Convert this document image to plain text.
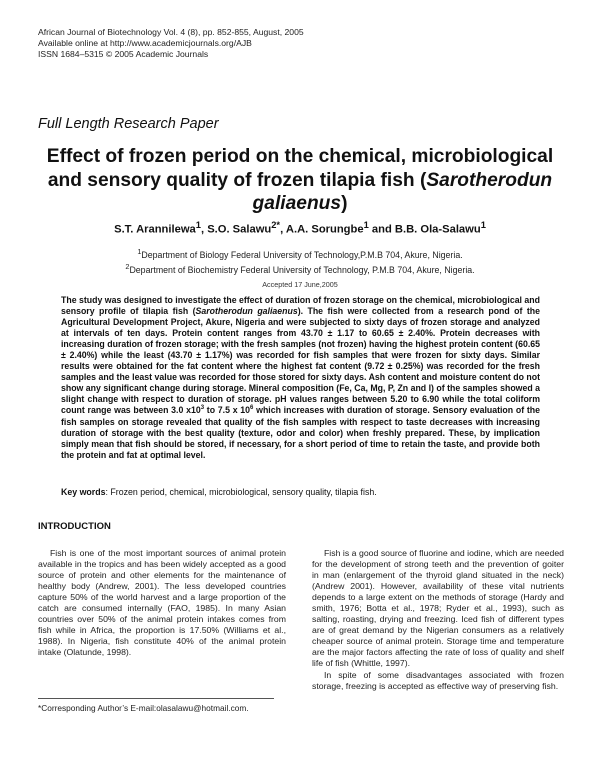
African Journal of Biotechnology Vol. 4 (8), pp. 852-855, August, 2005
Available online at http://www.academicjournals.org/AJB
ISSN 1684–5315 © 2005 Academic Journals
Full Length Research Paper
Effect of frozen period on the chemical, microbiological and sensory quality of frozen tilapia fish (Sarotherodun galiaenus)
S.T. Arannilewa$^1$, S.O. Salawu$^{2*}$, A.A. Sorungbe$^1$ and B.B. Ola-Salawu$^1$
$^1$Department of Biology Federal University of Technology,P.M.B 704, Akure, Nigeria.
$^2$Department of Biochemistry Federal University of Technology, P.M.B 704, Akure, Nigeria.
Accepted 17 June,2005
The study was designed to investigate the effect of duration of frozen storage on the chemical, microbiological and sensory profile of tilapia fish (Sarotherodun galiaenus). The fish were collected from a research pond of the Agricultural Development Project, Akure, Nigeria and were subjected to sixty days of frozen storage and analyzed at intervals of ten days. Protein content ranges from 43.70 ± 1.17 to 60.65 ± 2.40%. Protein decreases with increasing duration of frozen storage; with the fresh samples (not frozen) having the highest protein content (60.65 ± 2.40%) while the least (43.70 ± 1.17%) was recorded for fish samples that were frozen for sixty days. Similar results were obtained for the fat content where the highest fat content (9.72 ± 0.25%) was recorded for the fresh samples and the least value was recorded for those stored for sixty days. Ash content and moisture content do not show any significant change during storage. Mineral composition (Fe, Ca, Mg, P, Zn and I) of the samples showed a slight change with respect to duration of storage. pH values ranges between 5.20 to 6.90 while the total coliform count range was between 3.0 $x10^3$ to 7.5 x $10^6$ which increases with duration of storage. Sensory evaluation of the fish samples on storage revealed that quality of the fish samples with respect to taste decreases with increasing duration of storage with the best quality (texture, odor and color) when freshly prepared. These, by implication simply mean that fish should be stored, if necessary, for a short period of time to retain the taste, and provide both the protein and fat at optimal level.
Key words: Frozen period, chemical, microbiological, sensory quality, tilapia fish.
INTRODUCTION

Fish is one of the most important sources of animal protein available in the tropics and has been widely accepted as a good source of protein and other elements for the maintenance of healthy body (Andrew, 2001). The less developed countries capture 50% of the world harvest and a large proportion of the catch are consumed internally (FAO, 1985). In many Asian countries over 50% of the animal protein intakes comes from fish while in Africa, the proportion is 17.50% (Williams et al., 1988). In Nigeria, fish constitute 40% of the animal protein intake (Olatunde, 1998).

Fish is a good source of fluorine and iodine, which are needed for the development of strong teeth and the prevention of goiter in man (enlargement of the thyroid gland situated in the neck) (Andrew 2001). However, availability of these vital nutrients depends to a large extent on the methods of storage (Hardy and smith, 1976; Botta et al., 1978; Ryder et al., 1993), such as salting, roasting, drying and freezing. Iced fish of different types are of great demand by the Nigerian consumers as a relatively cheaper source of animal protein. Storage time and temperature are the major factors affecting the rate of loss of quality and shelf life of fish (Whittle, 1997).

In spite of some disadvantages associated with frozen storage, freezing is accepted as effective way of preserving fish.

*Corresponding Author’s E-mail:olasalawu@hotmail.com.
